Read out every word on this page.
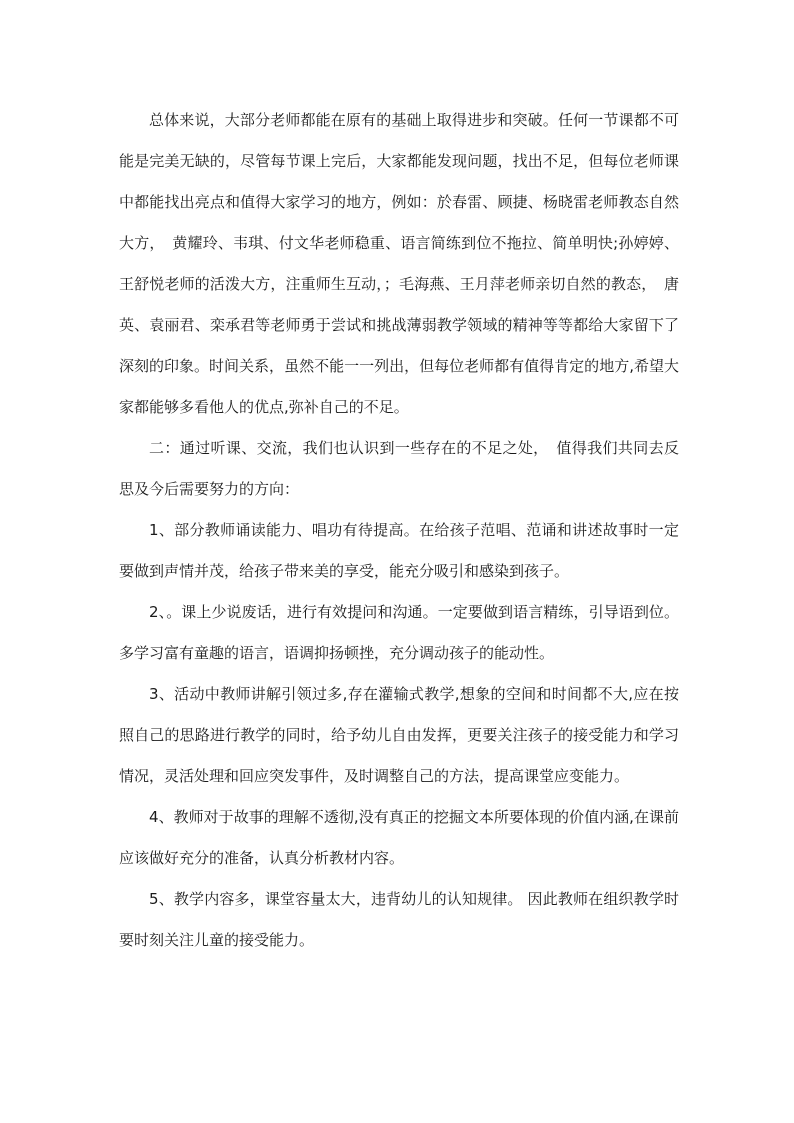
总体来说，大部分老师都能在原有的基础上取得进步和突破。任何一节课都不可能是完美无缺的，尽管每节课上完后，大家都能发现问题，找出不足，但每位老师课中都能找出亮点和值得大家学习的地方，例如：於春雷、顾捷、杨晓雷老师教态自然大方，　黄耀玲、韦琪、付文华老师稳重、语言简练到位不拖拉、简单明快;孙婷婷、王舒悦老师的活泼大方，注重师生互动，；毛海燕、王月萍老师亲切自然的教态，　唐英、袁丽君、栾承君等老师勇于尝试和挑战薄弱教学领域的精神等等都给大家留下了深刻的印象。时间关系，虽然不能一一列出，但每位老师都有值得肯定的地方,希望大家都能够多看他人的优点,弥补自己的不足。

二：通过听课、交流，我们也认识到一些存在的不足之处，　值得我们共同去反思及今后需要努力的方向：

1、部分教师诵读能力、唱功有待提高。在给孩子范唱、范诵和讲述故事时一定要做到声情并茂，给孩子带来美的享受，能充分吸引和感染到孩子。

2、。课上少说废话，进行有效提问和沟通。一定要做到语言精练，引导语到位。多学习富有童趣的语言，语调抑扬顿挫，充分调动孩子的能动性。

3、活动中教师讲解引领过多,存在灌输式教学,想象的空间和时间都不大,应在按照自己的思路进行教学的同时，给予幼儿自由发挥，更要关注孩子的接受能力和学习情况，灵活处理和回应突发事件，及时调整自己的方法，提高课堂应变能力。

4、教师对于故事的理解不透彻,没有真正的挖掘文本所要体现的价值内涵,在课前应该做好充分的准备，认真分析教材内容。

5、教学内容多，课堂容量太大，违背幼儿的认知规律。 因此教师在组织教学时要时刻关注儿童的接受能力。
